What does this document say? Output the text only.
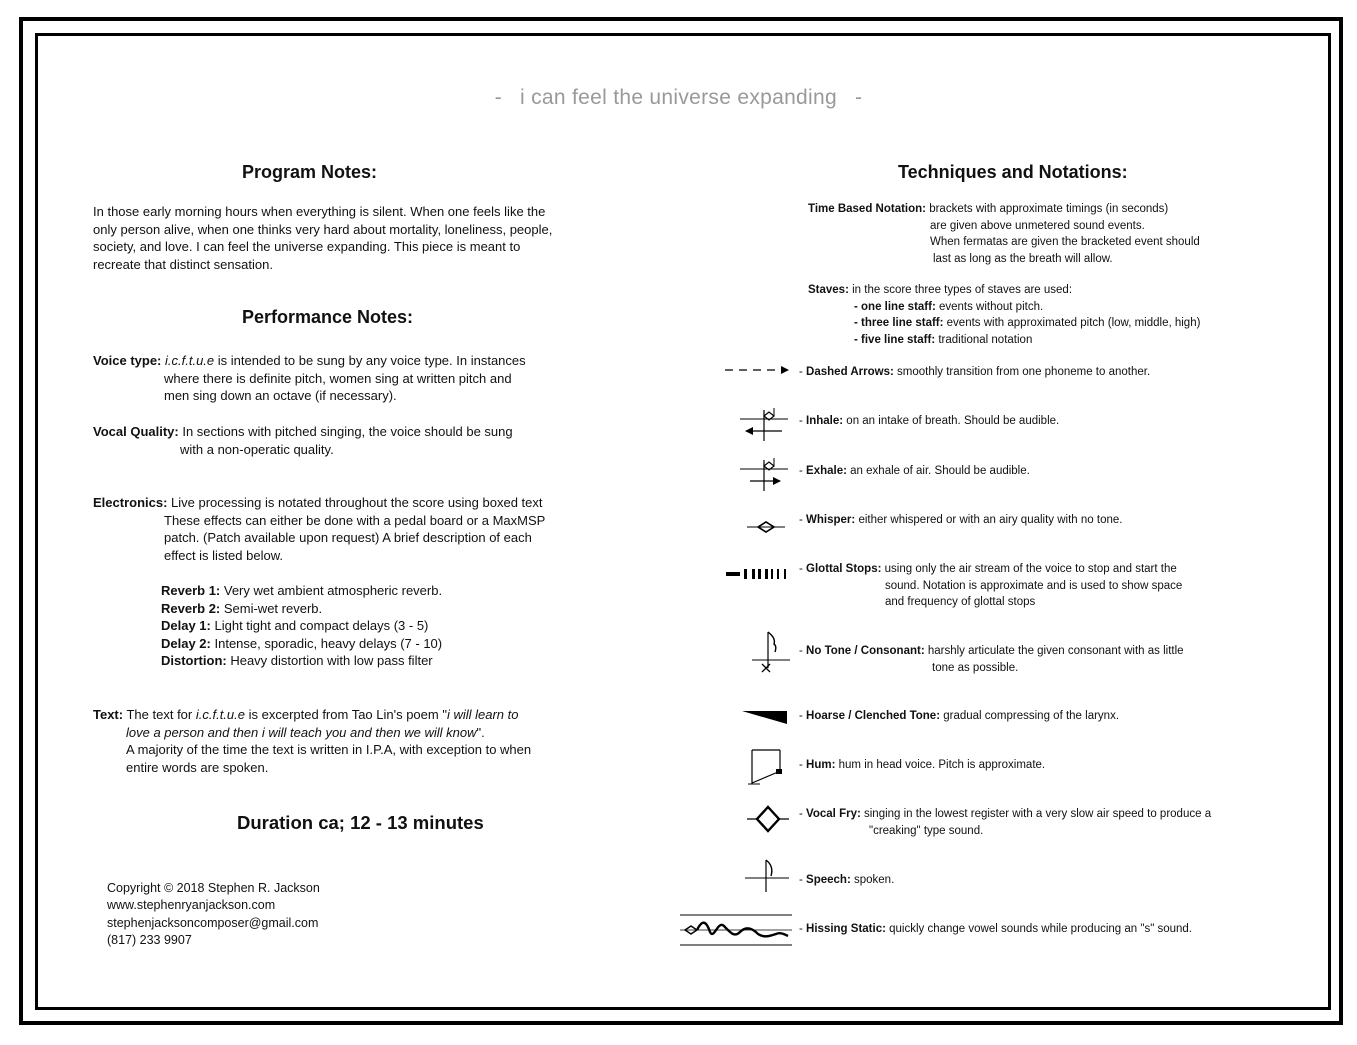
- i can feel the universe expanding -
Program Notes:
In those early morning hours when everything is silent. When one feels like the
only person alive, when one thinks very hard about mortality, loneliness, people,
society, and love. I can feel the universe expanding. This piece is meant to
recreate that distinct sensation.
Performance Notes:
Voice type: i.c.f.t.u.e is intended to be sung by any voice type. In instances
where there is definite pitch, women sing at written pitch and
men sing down an octave (if necessary).
Vocal Quality: In sections with pitched singing, the voice should be sung
with a non-operatic quality.
Electronics: Live processing is notated throughout the score using boxed text
These effects can either be done with a pedal board or a MaxMSP
patch. (Patch available upon request) A brief description of each
effect is listed below.
Reverb 1: Very wet ambient atmospheric reverb.
Reverb 2: Semi-wet reverb.
Delay 1: Light tight and compact delays (3 - 5)
Delay 2: Intense, sporadic, heavy delays (7 - 10)
Distortion: Heavy distortion with low pass filter
Text: The text for i.c.f.t.u.e is excerpted from Tao Lin's poem "i will learn to
love a person and then i will teach you and then we will know".
A majority of the time the text is written in I.P.A, with exception to when
entire words are spoken.
Duration ca; 12 - 13 minutes
Copyright © 2018 Stephen R. Jackson
www.stephenryanjackson.com
stephenjacksoncomposer@gmail.com
(817) 233 9907
Techniques and Notations:
Time Based Notation: brackets with approximate timings (in seconds)
are given above unmetered sound events.
When fermatas are given the bracketed event should
last as long as the breath will allow.
Staves: in the score three types of staves are used:
- one line staff: events without pitch.
- three line staff: events with approximated pitch (low, middle, high)
- five line staff: traditional notation
- Dashed Arrows: smoothly transition from one phoneme to another.
- Inhale: on an intake of breath. Should be audible.
- Exhale: an exhale of air. Should be audible.
- Whisper: either whispered or with an airy quality with no tone.
- Glottal Stops: using only the air stream of the voice to stop and start the
sound. Notation is approximate and is used to show space
and frequency of glottal stops
- No Tone / Consonant: harshly articulate the given consonant with as little
tone as possible.
- Hoarse / Clenched Tone: gradual compressing of the larynx.
- Hum: hum in head voice. Pitch is approximate.
- Vocal Fry: singing in the lowest register with a very slow air speed to produce a
"creaking" type sound.
- Speech: spoken.
- Hissing Static: quickly change vowel sounds while producing an "s" sound.
